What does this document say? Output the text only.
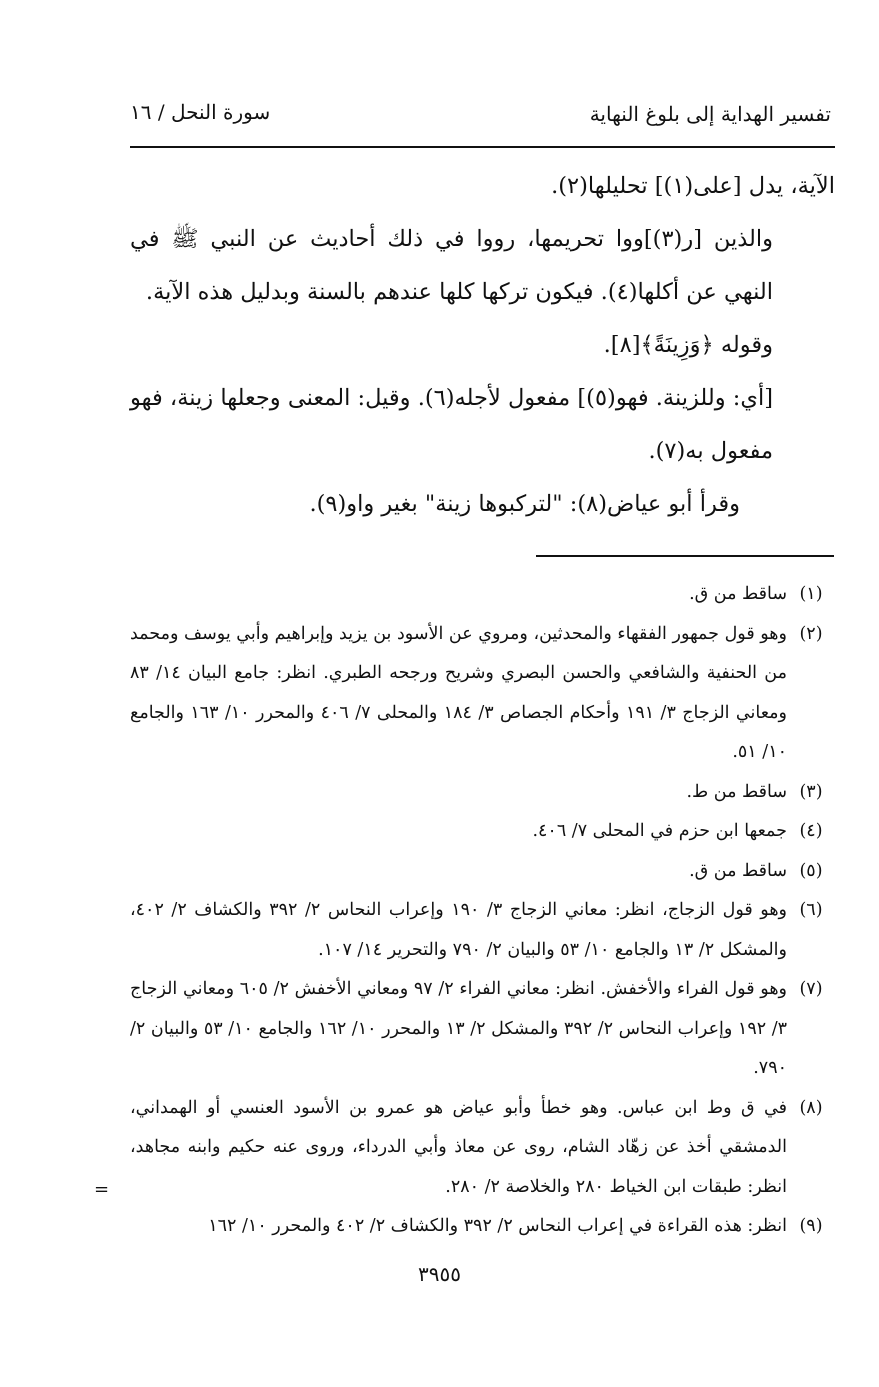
تفسير الهداية إلى بلوغ النهاية
سورة النحل / ١٦

الآية، يدل [على(١)] تحليلها(٢).

والذين [ر(٣)]ووا تحريمها، رووا في ذلك أحاديث عن النبي ﷺ في النهي عن أكلها(٤). فيكون تركها كلها عندهم بالسنة وبدليل هذه الآية.

وقوله ﴿وَزِينَةً﴾[٨].

[أي: وللزينة. فهو(٥)] مفعول لأجله(٦). وقيل: المعنى وجعلها زينة، فهو مفعول به(٧).

وقرأ أبو عياض(٨): "لتركبوها زينة" بغير واو(٩).

(١)
ساقط من ق.
(٢)
وهو قول جمهور الفقهاء والمحدثين، ومروي عن الأسود بن يزيد وإبراهيم وأبي يوسف ومحمد من الحنفية والشافعي والحسن البصري وشريح ورجحه الطبري. انظر: جامع البيان ١٤/ ٨٣ ومعاني الزجاج ٣/ ١٩١ وأحكام الجصاص ٣/ ١٨٤ والمحلى ٧/ ٤٠٦ والمحرر ١٠/ ١٦٣ والجامع ١٠/ ٥١.
(٣)
ساقط من ط.
(٤)
جمعها ابن حزم في المحلى ٧/ ٤٠٦.
(٥)
ساقط من ق.
(٦)
وهو قول الزجاج، انظر: معاني الزجاج ٣/ ١٩٠ وإعراب النحاس ٢/ ٣٩٢ والكشاف ٢/ ٤٠٢، والمشكل ٢/ ١٣ والجامع ١٠/ ٥٣ والبيان ٢/ ٧٩٠ والتحرير ١٤/ ١٠٧.
(٧)
وهو قول الفراء والأخفش. انظر: معاني الفراء ٢/ ٩٧ ومعاني الأخفش ٢/ ٦٠٥ ومعاني الزجاج ٣/ ١٩٢ وإعراب النحاس ٢/ ٣٩٢ والمشكل ٢/ ١٣ والمحرر ١٠/ ١٦٢ والجامع ١٠/ ٥٣ والبيان ٢/ ٧٩٠.
(٨)
في ق وط ابن عباس. وهو خطأ وأبو عياض هو عمرو بن الأسود العنسي أو الهمداني، الدمشقي أخذ عن زهّاد الشام، روى عن معاذ وأبي الدرداء، وروى عنه حكيم وابنه مجاهد، انظر: طبقات ابن الخياط ٢٨٠ والخلاصة ٢/ ٢٨٠.
(٩)
انظر: هذه القراءة في إعراب النحاس ٢/ ٣٩٢ والكشاف ٢/ ٤٠٢ والمحرر ١٠/ ١٦٢
=
٣٩٥٥
